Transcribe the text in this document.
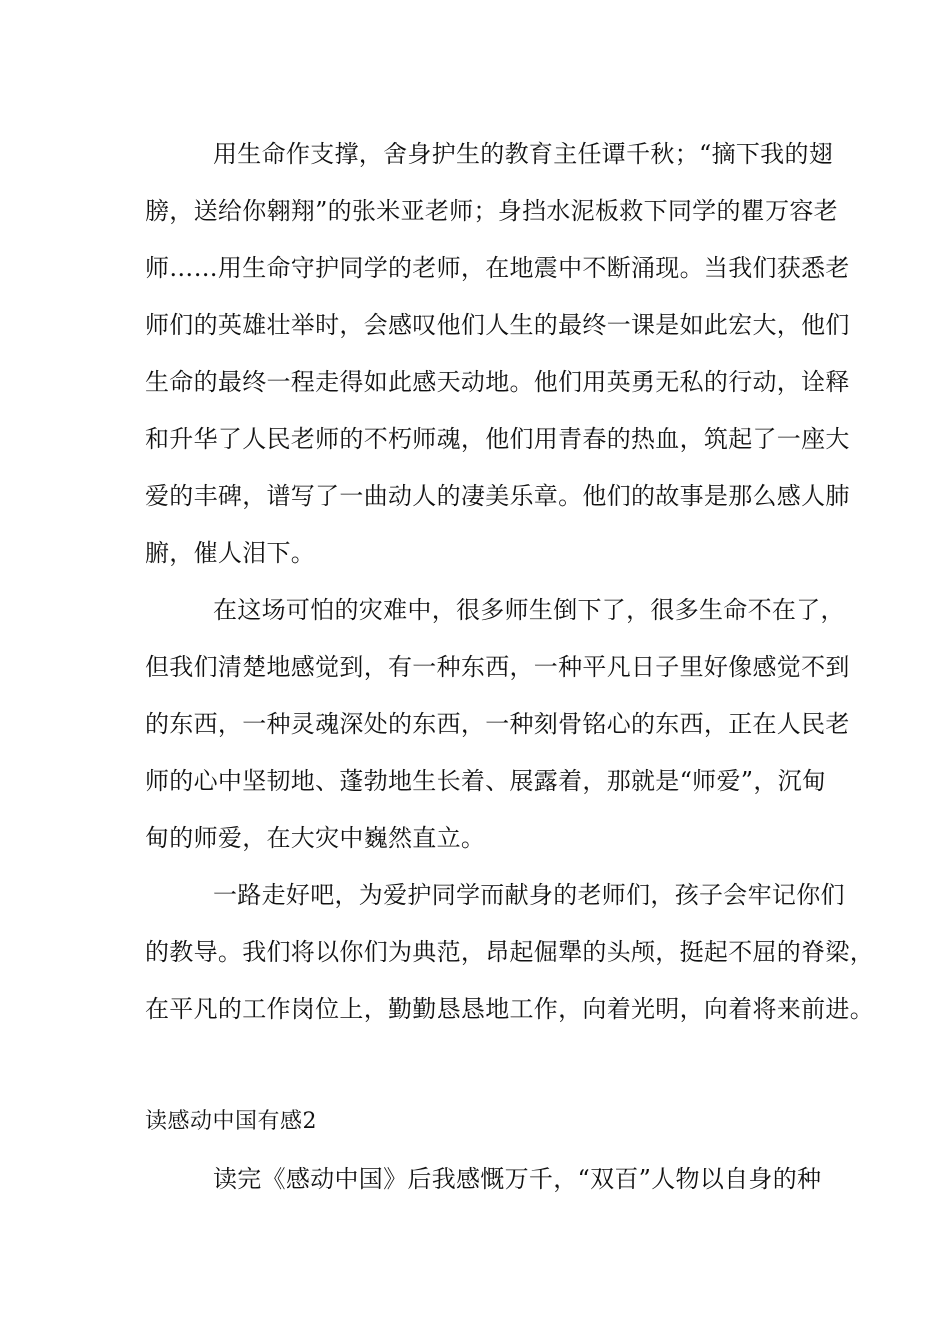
用生命作支撑，舍身护生的教育主任谭千秋；“摘下我的翅
膀，送给你翱翔”的张米亚老师；身挡水泥板救下同学的瞿万容老
师……用生命守护同学的老师，在地震中不断涌现。当我们获悉老
师们的英雄壮举时，会感叹他们人生的最终一课是如此宏大，他们
生命的最终一程走得如此感天动地。他们用英勇无私的行动，诠释
和升华了人民老师的不朽师魂，他们用青春的热血，筑起了一座大
爱的丰碑，谱写了一曲动人的凄美乐章。他们的故事是那么感人肺
腑，催人泪下。
在这场可怕的灾难中，很多师生倒下了，很多生命不在了，
但我们清楚地感觉到，有一种东西，一种平凡日子里好像感觉不到
的东西，一种灵魂深处的东西，一种刻骨铭心的东西，正在人民老
师的心中坚韧地、蓬勃地生长着、展露着，那就是“师爱”，沉甸
甸的师爱，在大灾中巍然直立。
一路走好吧，为爱护同学而献身的老师们，孩子会牢记你们
的教导。我们将以你们为典范，昂起倔犟的头颅，挺起不屈的脊梁，
在平凡的工作岗位上，勤勤恳恳地工作，向着光明，向着将来前进。
读感动中国有感2
读完《感动中国》后我感慨万千，“双百”人物以自身的种
